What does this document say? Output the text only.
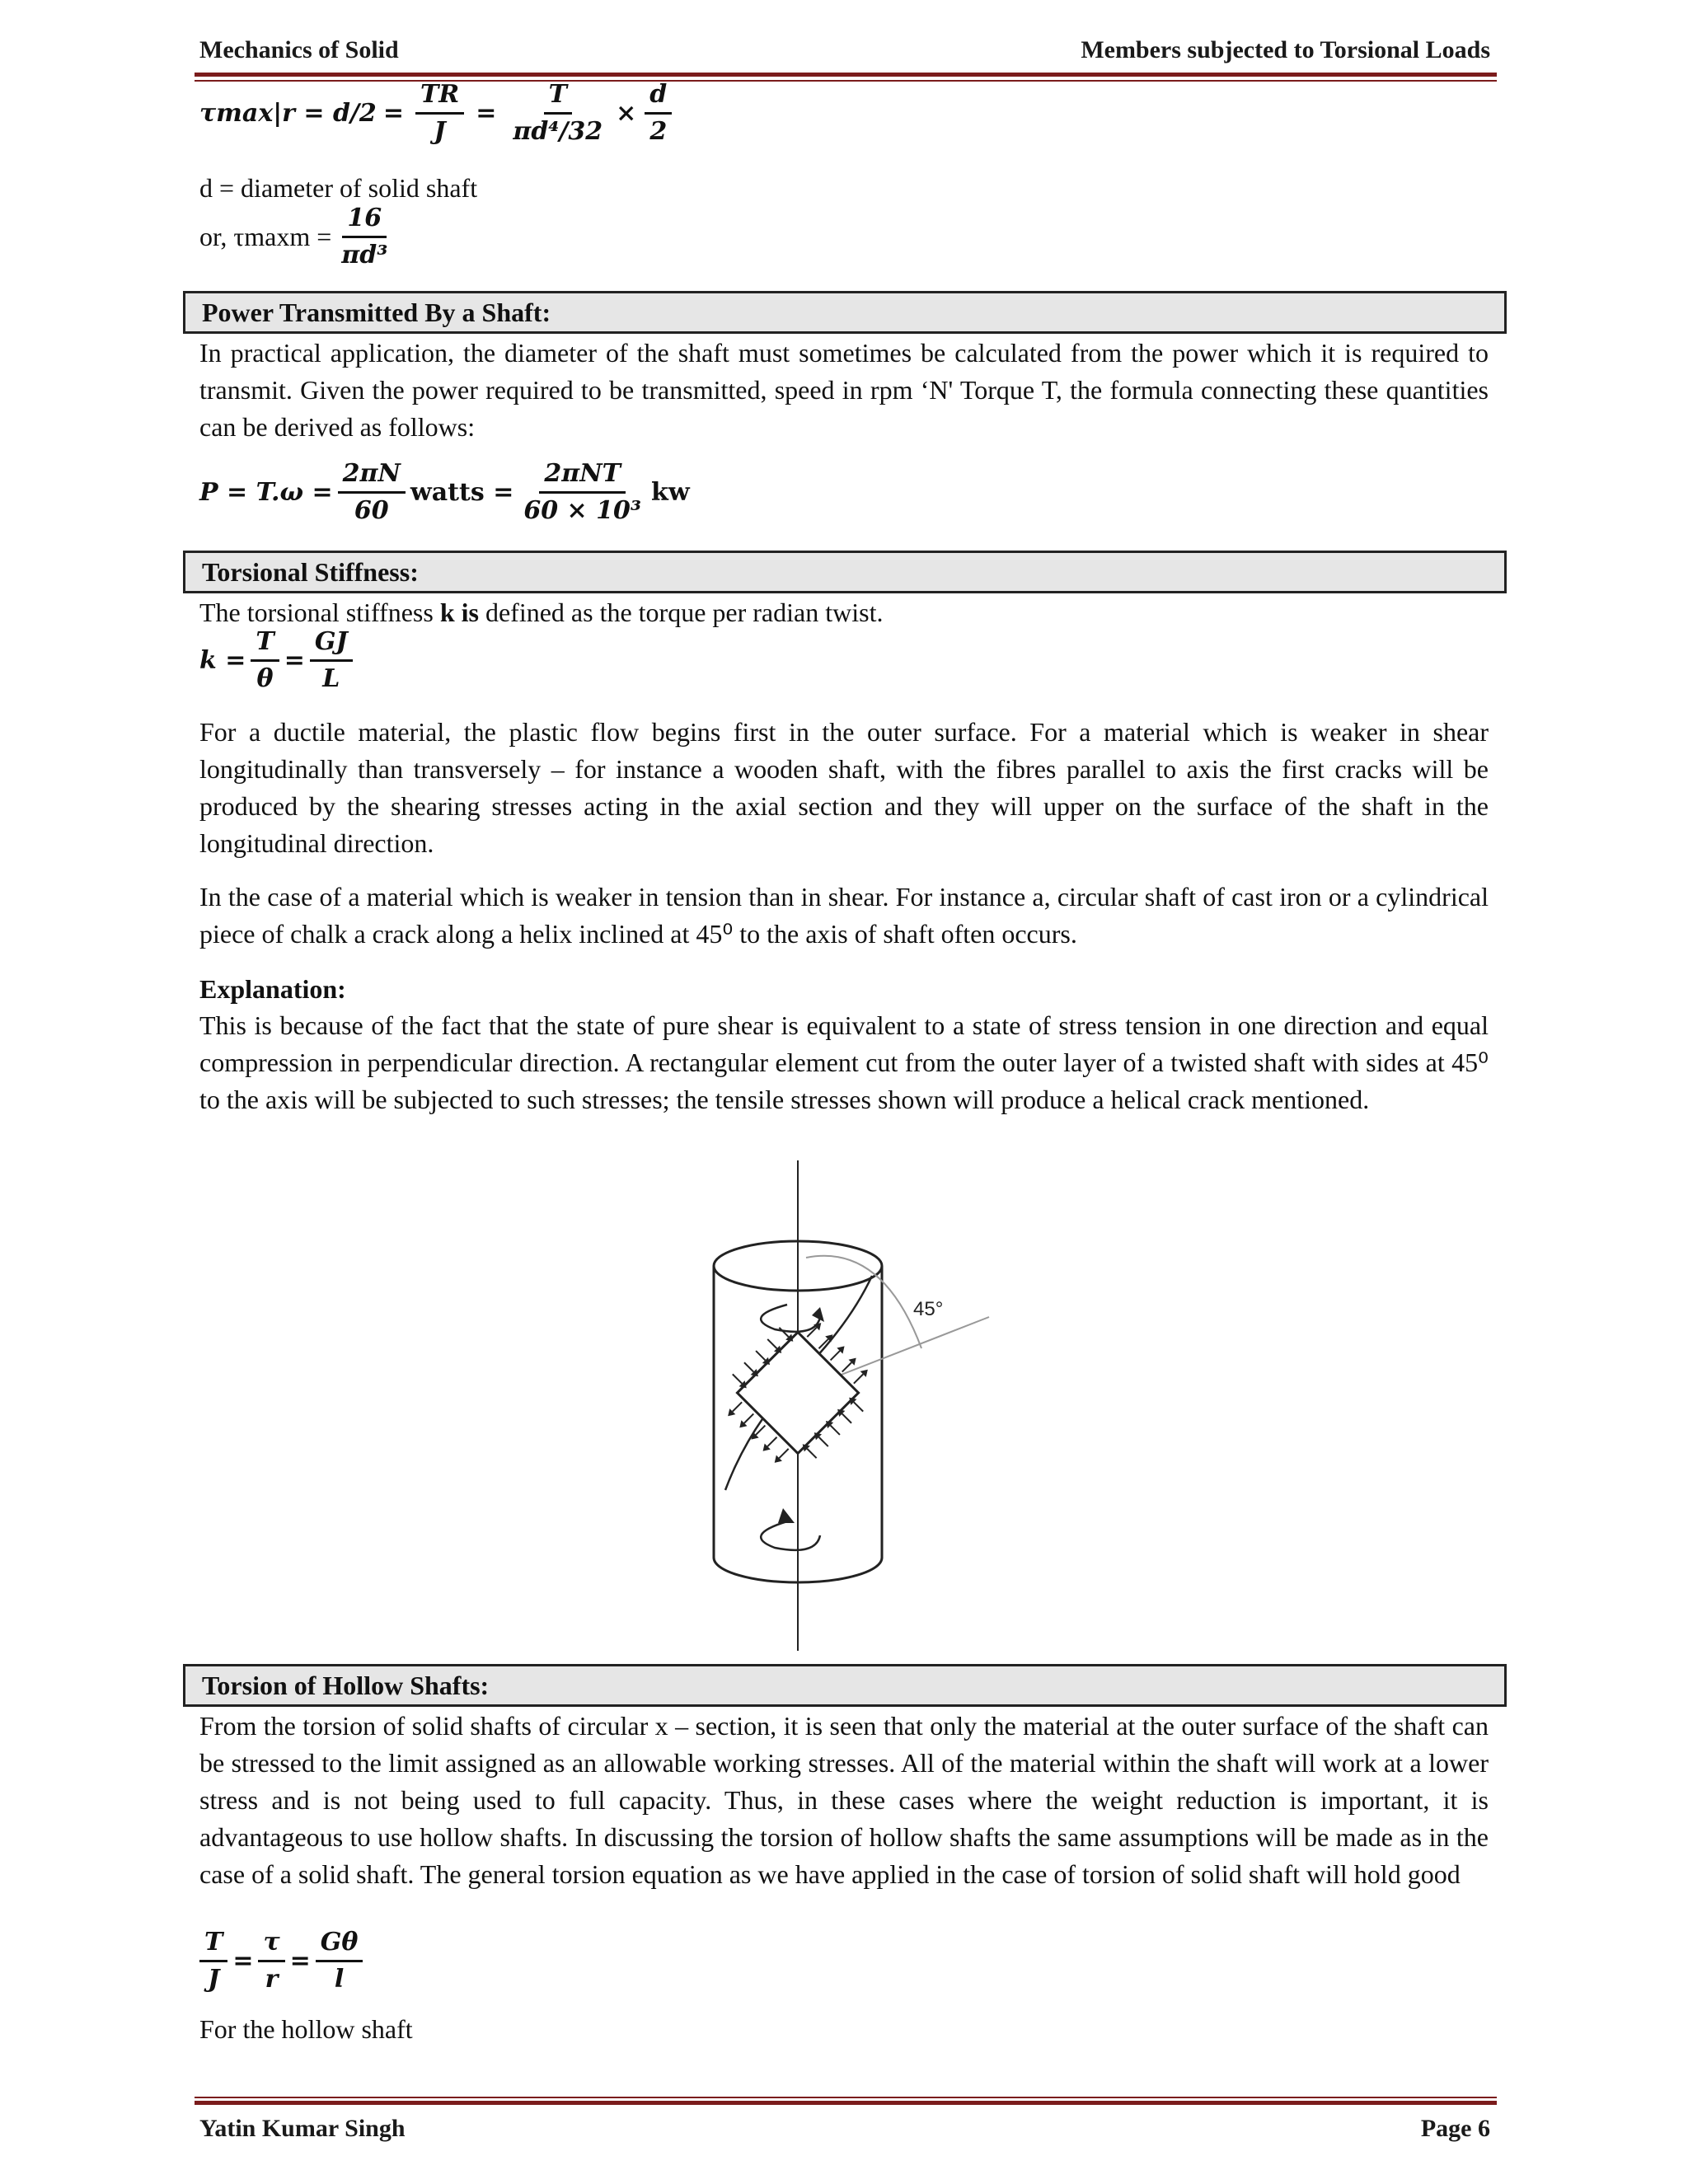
Mechanics of Solid	Members subjected to Torsional Loads
$\tau\max|r = d/2 = \frac{TR}{J} = \frac{T}{\text{πd⁴/32}} \times \frac{d}{2}$
d = diameter of solid shaft
or, $\tau\max m = \frac{16}{\text{πd³}}$
Power Transmitted By a Shaft:
In practical application, the diameter of the shaft must sometimes be calculated from the power which it is required to transmit. Given the power required to be transmitted, speed in rpm ‘N' Torque T, the formula connecting these quantities can be derived as follows:
$P = T.\omega = \frac{2\pi N}{60}$ watts = $\frac{\text{2πNT}}{\text{60 × 10³}}$ kw
Torsional Stiffness:
The torsional stiffness k is defined as the torque per radian twist.
$k = \frac{T}{\theta} = \frac{GJ}{L}$
For a ductile material, the plastic flow begins first in the outer surface. For a material which is weaker in shear longitudinally than transversely – for instance a wooden shaft, with the fibres parallel to axis the first cracks will be produced by the shearing stresses acting in the axial section and they will upper on the surface of the shaft in the longitudinal direction.
In the case of a material which is weaker in tension than in shear. For instance a, circular shaft of cast iron or a cylindrical piece of chalk a crack along a helix inclined at 45⁰ to the axis of shaft often occurs.
Explanation:
This is because of the fact that the state of pure shear is equivalent to a state of stress tension in one direction and equal compression in perpendicular direction. A rectangular element cut from the outer layer of a twisted shaft with sides at 45⁰ to the axis will be subjected to such stresses; the tensile stresses shown will produce a helical crack mentioned.
45°
Torsion of Hollow Shafts:
From the torsion of solid shafts of circular x – section, it is seen that only the material at the outer surface of the shaft can be stressed to the limit assigned as an allowable working stresses. All of the material within the shaft will work at a lower stress and is not being used to full capacity. Thus, in these cases where the weight reduction is important, it is advantageous to use hollow shafts. In discussing the torsion of hollow shafts the same assumptions will be made as in the case of a solid shaft. The general torsion equation as we have applied in the case of torsion of solid shaft will hold good
$\frac{T}{J} = \frac{\tau}{r} = \frac{G\theta}{l}$
For the hollow shaft
Yatin Kumar Singh	Page 6
